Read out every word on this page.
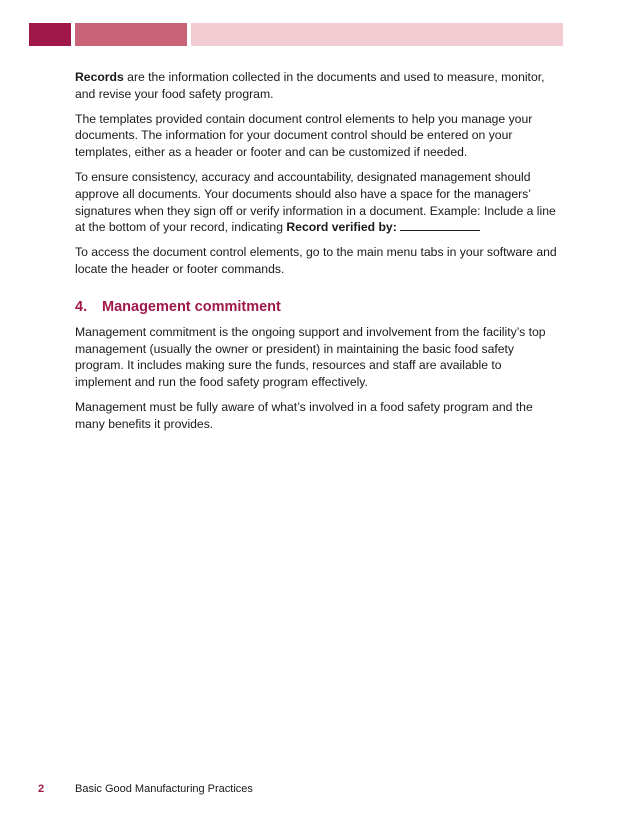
Records are the information collected in the documents and used to measure, monitor, and revise your food safety program.

The templates provided contain document control elements to help you manage your documents. The information for your document control should be entered on your templates, either as a header or footer and can be customized if needed.

To ensure consistency, accuracy and accountability, designated management should approve all documents. Your documents should also have a space for the managers’ signatures when they sign off or verify information in a document. Example: Include a line at the bottom of your record, indicating Record verified by:

To access the document control elements, go to the main menu tabs in your software and locate the header or footer commands.

4. Management commitment

Management commitment is the ongoing support and involvement from the facility’s top management (usually the owner or president) in maintaining the basic food safety program. It includes making sure the funds, resources and staff are available to implement and run the food safety program effectively.

Management must be fully aware of what’s involved in a food safety program and the many benefits it provides.

2	Basic Good Manufacturing Practices
